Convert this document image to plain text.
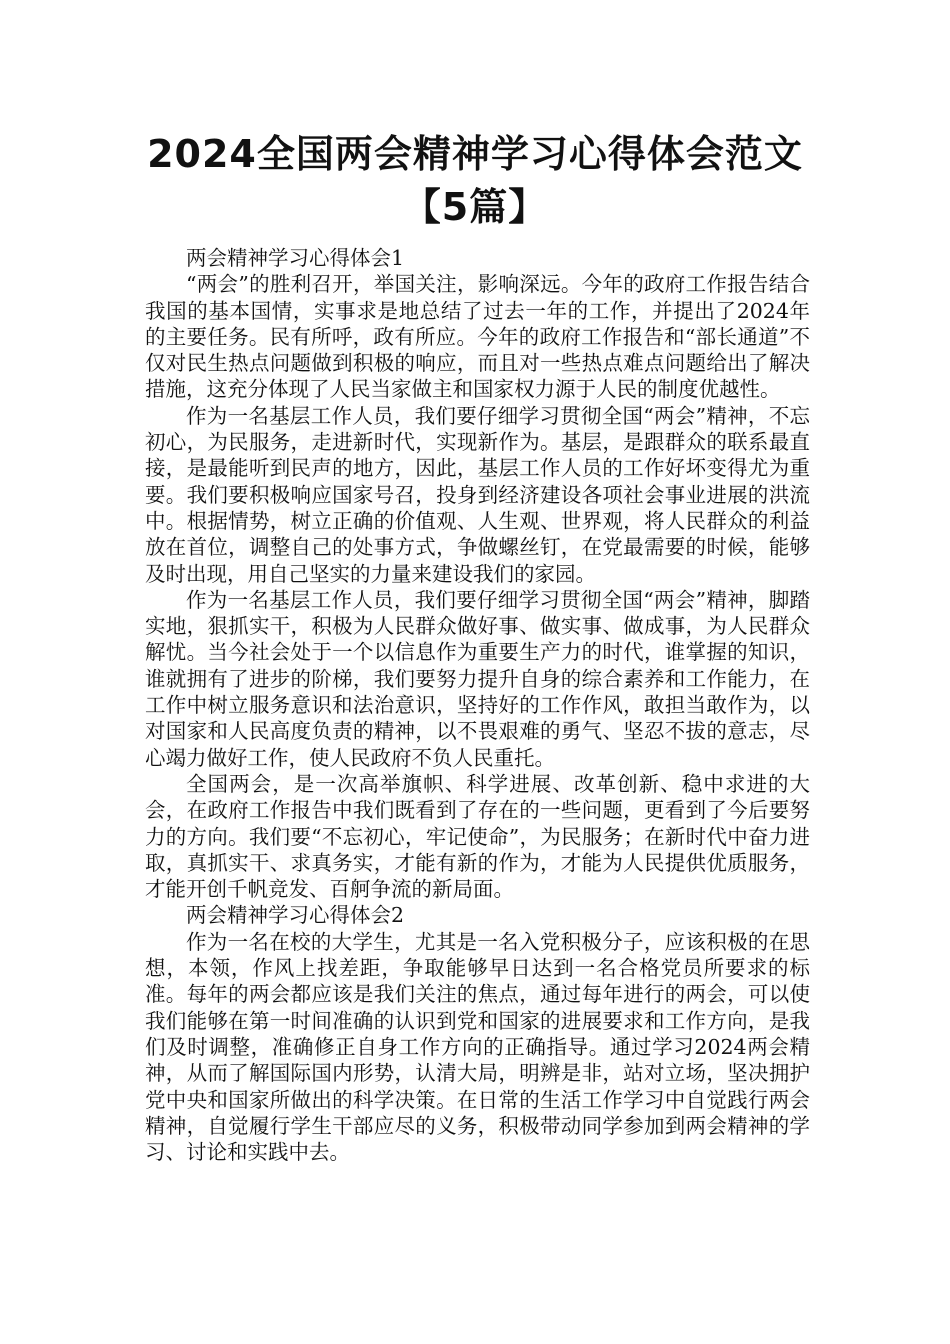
2024全国两会精神学习心得体会范文
【5篇】

两会精神学习心得体会1

“两会”的胜利召开，举国关注，影响深远。今年的政府工作报告结合我国的基本国情，实事求是地总结了过去一年的工作，并提出了2024年的主要任务。民有所呼，政有所应。今年的政府工作报告和“部长通道”不仅对民生热点问题做到积极的响应，而且对一些热点难点问题给出了解决措施，这充分体现了人民当家做主和国家权力源于人民的制度优越性。

作为一名基层工作人员，我们要仔细学习贯彻全国“两会”精神，不忘初心，为民服务，走进新时代，实现新作为。基层，是跟群众的联系最直接，是最能听到民声的地方，因此，基层工作人员的工作好坏变得尤为重要。我们要积极响应国家号召，投身到经济建设各项社会事业进展的洪流中。根据情势，树立正确的价值观、人生观、世界观，将人民群众的利益放在首位，调整自己的处事方式，争做螺丝钉，在党最需要的时候，能够及时出现，用自己坚实的力量来建设我们的家园。

作为一名基层工作人员，我们要仔细学习贯彻全国“两会”精神，脚踏实地，狠抓实干，积极为人民群众做好事、做实事、做成事，为人民群众解忧。当今社会处于一个以信息作为重要生产力的时代，谁掌握的知识，谁就拥有了进步的阶梯，我们要努力提升自身的综合素养和工作能力，在工作中树立服务意识和法治意识，坚持好的工作作风，敢担当敢作为，以对国家和人民高度负责的精神，以不畏艰难的勇气、坚忍不拔的意志，尽心竭力做好工作，使人民政府不负人民重托。

全国两会，是一次高举旗帜、科学进展、改革创新、稳中求进的大会，在政府工作报告中我们既看到了存在的一些问题，更看到了今后要努力的方向。我们要“不忘初心，牢记使命”，为民服务；在新时代中奋力进取，真抓实干、求真务实，才能有新的作为，才能为人民提供优质服务，才能开创千帆竞发、百舸争流的新局面。

两会精神学习心得体会2

作为一名在校的大学生，尤其是一名入党积极分子，应该积极的在思想，本领，作风上找差距，争取能够早日达到一名合格党员所要求的标准。每年的两会都应该是我们关注的焦点，通过每年进行的两会，可以使我们能够在第一时间准确的认识到党和国家的进展要求和工作方向，是我们及时调整，准确修正自身工作方向的正确指导。通过学习2024两会精神，从而了解国际国内形势，认清大局，明辨是非，站对立场，坚决拥护党中央和国家所做出的科学决策。在日常的生活工作学习中自觉践行两会精神，自觉履行学生干部应尽的义务，积极带动同学参加到两会精神的学习、讨论和实践中去。
